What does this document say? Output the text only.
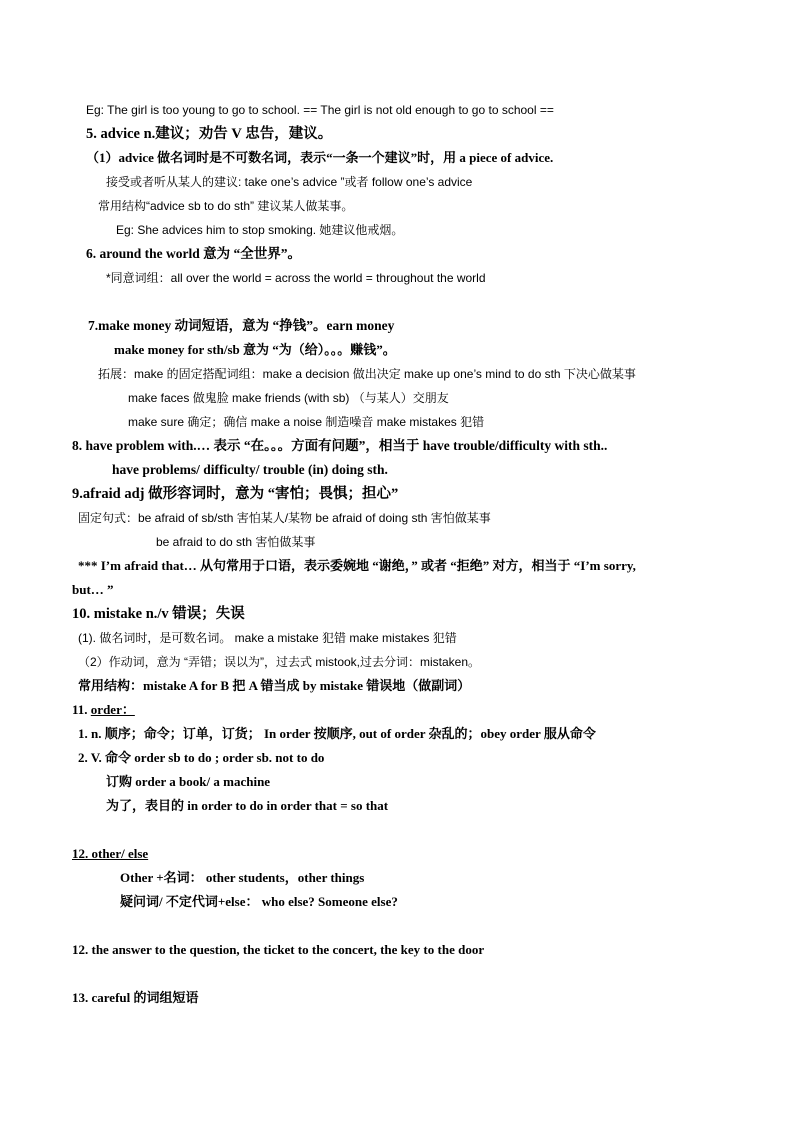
Eg: The girl is too young to go to school. == The girl is not old enough to go to school ==
5. advice n.建议；劝告 V 忠告，建议。
（1）advice 做名词时是不可数名词，表示“一条一个建议”时，用 a piece of advice.
接受或者听从某人的建议: take one’s advice ”或者 follow one’s advice
常用结构“advice sb to do sth” 建议某人做某事。
Eg: She advices him to stop smoking. 她建议他戒烟。
6. around the world 意为 “全世界”。
*同意词组：all over the world = across the world = throughout the world
7.make money 动词短语，意为 “挣钱”。earn money
make money for sth/sb 意为 “为（给）。。。赚钱”。
拓展：make 的固定搭配词组：make a decision 做出决定 make up one’s mind to do sth 下决心做某事
make faces 做鬼脸 make friends (with sb) （与某人）交朋友
make sure 确定；确信 make a noise 制造噪音 make mistakes 犯错
8. have problem with.… 表示 “在。。。方面有问题”，相当于 have trouble/difficulty with sth..
have problems/ difficulty/ trouble (in) doing sth.
9.afraid adj 做形容词时，意为 “害怕；畏惧；担心”
固定句式：be afraid of sb/sth 害怕某人/某物 be afraid of doing sth 害怕做某事
be afraid to do sth 害怕做某事
*** I’m afraid that… 从句常用于口语，表示委婉地 “谢绝，” 或者 “拒绝” 对方，相当于 “I’m sorry,
but… ”
10. mistake n./v 错误；失误
(1). 做名词时，是可数名词。 make a mistake 犯错 make mistakes 犯错
（2）作动词，意为 “弄错；误以为”，过去式 mistook,过去分词：mistaken。
常用结构：mistake A for B 把 A 错当成 by mistake 错误地（做副词）
11. order：
1. n. 顺序；命令；订单，订货； In order 按顺序, out of order 杂乱的；obey order 服从命令
2. V. 命令 order sb to do ; order sb. not to do
订购 order a book/ a machine
为了，表目的 in order to do in order that = so that
12. other/ else
Other +名词： other students，other things
疑问词/ 不定代词+else： who else? Someone else?
12. the answer to the question, the ticket to the concert, the key to the door
13. careful 的词组短语
